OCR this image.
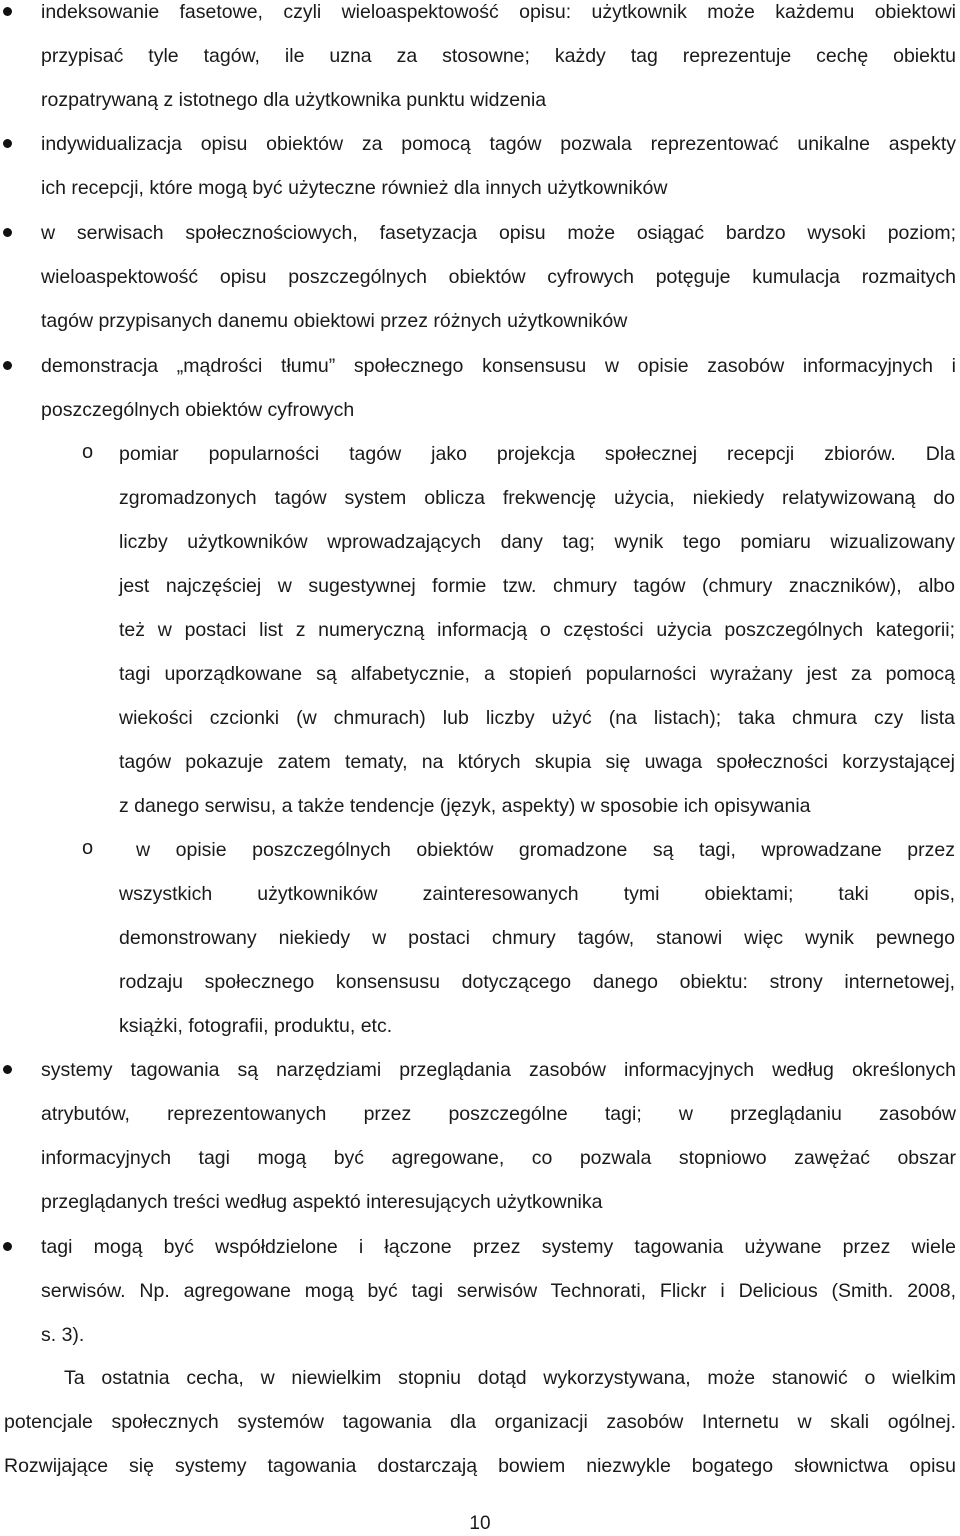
indeksowanie fasetowe, czyli wieloaspektowość opisu: użytkownik może każdemu obiektowi
przypisać tyle tagów, ile uzna za stosowne; każdy tag reprezentuje cechę obiektu
rozpatrywaną z istotnego dla użytkownika punktu widzenia
indywidualizacja opisu obiektów za pomocą tagów pozwala reprezentować unikalne aspekty
ich recepcji, które mogą być użyteczne również dla innych użytkowników
w serwisach społecznościowych, fasetyzacja opisu może osiągać bardzo wysoki poziom;
wieloaspektowość opisu poszczególnych obiektów cyfrowych potęguje kumulacja rozmaitych
tagów przypisanych danemu obiektowi przez różnych użytkowników
demonstracja „mądrości tłumu” społecznego konsensusu w opisie zasobów informacyjnych i
poszczególnych obiektów cyfrowych
o pomiar popularności tagów jako projekcja społecznej recepcji zbiorów. Dla
zgromadzonych tagów system oblicza frekwencję użycia, niekiedy relatywizowaną do
liczby użytkowników wprowadzających dany tag; wynik tego pomiaru wizualizowany
jest najczęściej w sugestywnej formie tzw. chmury tagów (chmury znaczników), albo
też w postaci list z numeryczną informacją o częstości użycia poszczególnych kategorii;
tagi uporządkowane są alfabetycznie, a stopień popularności wyrażany jest za pomocą
wiekości czcionki (w chmurach) lub liczby użyć (na listach); taka chmura czy lista
tagów pokazuje zatem tematy, na których skupia się uwaga społeczności korzystającej
z danego serwisu, a także tendencje (język, aspekty) w sposobie ich opisywania
o w opisie poszczególnych obiektów gromadzone są tagi, wprowadzane przez
wszystkich użytkowników zainteresowanych tymi obiektami; taki opis,
demonstrowany niekiedy w postaci chmury tagów, stanowi więc wynik pewnego
rodzaju społecznego konsensusu dotyczącego danego obiektu: strony internetowej,
książki, fotografii, produktu, etc.
systemy tagowania są narzędziami przeglądania zasobów informacyjnych według określonych
atrybutów, reprezentowanych przez poszczególne tagi; w przeglądaniu zasobów
informacyjnych tagi mogą być agregowane, co pozwala stopniowo zawężać obszar
przeglądanych treści według aspektó interesujących użytkownika
tagi mogą być współdzielone i łączone przez systemy tagowania używane przez wiele
serwisów. Np. agregowane mogą być tagi serwisów Technorati, Flickr i Delicious (Smith. 2008,
s. 3).
Ta ostatnia cecha, w niewielkim stopniu dotąd wykorzystywana, może stanowić o wielkim
potencjale społecznych systemów tagowania dla organizacji zasobów Internetu w skali ogólnej.
Rozwijające się systemy tagowania dostarczają bowiem niezwykle bogatego słownictwa opisu
10
